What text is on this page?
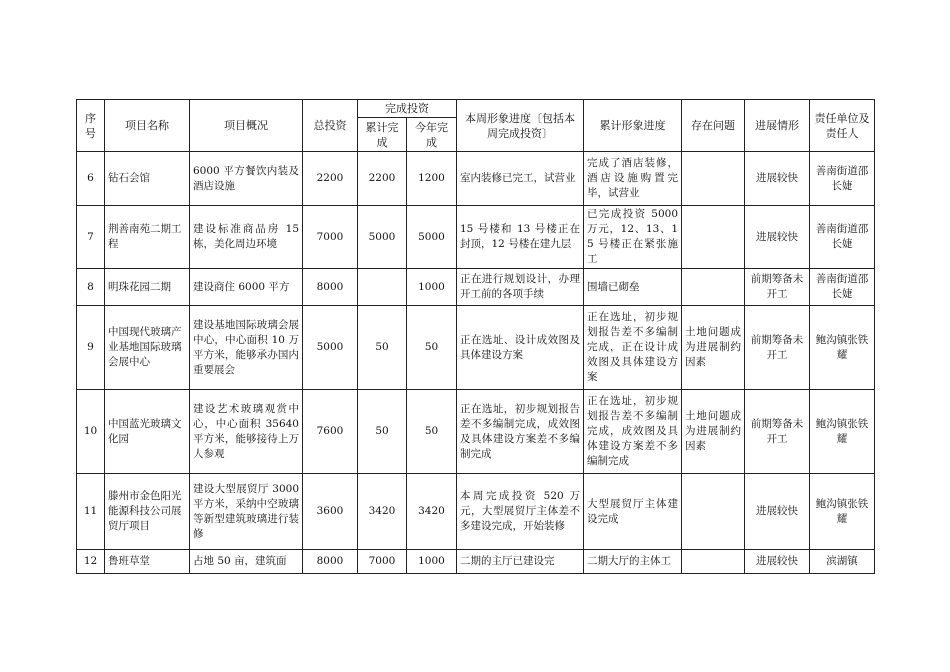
序号	项目名称	项目概况	总投资	完成投资		本周形象进度〔包括本周完成投资〕	累计形象进度	存在问题	进展情形	责任单位及责任人
				累计完成	今年完成					
6	钻石会馆	6000 平方餐饮内装及酒店设施	2200	2200	1200	室内装修已完工，试营业	完成了酒店装修，酒店设施购置完毕，试营业		进展较快	善南街道邵长婕
7	荆善南苑二期工程	建设标准商品房 15 栋，美化周边环境	7000	5000	5000	15 号楼和 13 号楼正在封顶，12 号楼在建九层	已完成投资 5000 万元，12、13、15 号楼正在紧张施工		进展较快	善南街道邵长婕
8	明珠花园二期	建设商住 6000 平方	8000		1000	正在进行规划设计，办理开工前的各项手续	围墙已砌垒		前期筹备未开工	善南街道邵长婕
9	中国现代玻璃产业基地国际玻璃会展中心	建设基地国际玻璃会展中心，中心面积 10 万平方米，能够承办国内重要展会	5000	50	50	正在选址、设计成效图及具体建设方案	正在选址，初步规划报告差不多编制完成，正在设计成效图及具体建设方案	土地问题成为进展制约因素	前期筹备未开工	鲍沟镇张铁耀
10	中国蓝光玻璃文化园	建设艺术玻璃观赏中心，中心面积 35640 平方米，能够接待上万人参观	7600	50	50	正在选址，初步规划报告差不多编制完成，成效图及具体建设方案差不多编制完成	正在选址，初步规划报告差不多编制完成，成效图及具体建设方案差不多编制完成	土地问题成为进展制约因素	前期筹备未开工	鲍沟镇张铁耀
11	滕州市金色阳光能源科技公司展贸厅项目	建设大型展贸厅 3000 平方米，采纳中空玻璃等新型建筑玻璃进行装修	3600	3420	3420	本周完成投资 520 万元，大型展贸厅主体差不多建设完成，开始装修	大型展贸厅主体建设完成		进展较快	鲍沟镇张铁耀
12	鲁班草堂	占地 50 亩，建筑面	8000	7000	1000	二期的主厅已建设完	二期大厅的主体工		进展较快	滨湖镇
